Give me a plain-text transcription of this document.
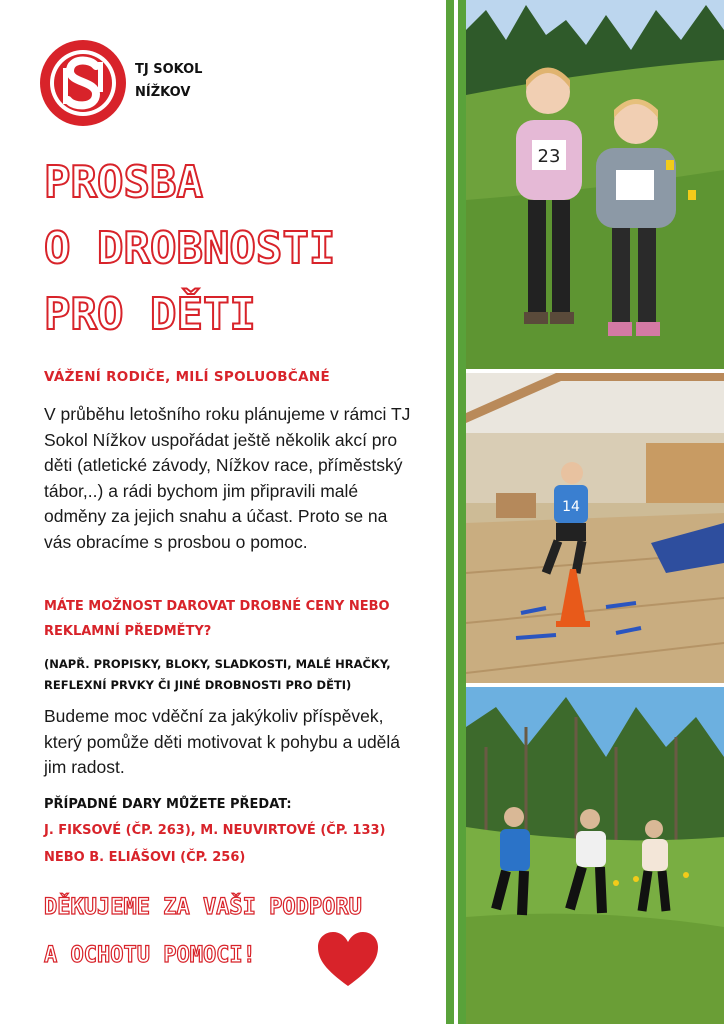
TJ SOKOL
NÍŽKOV
PROSBA
O DROBNOSTI
PRO DĚTI
VÁŽENÍ RODIČE, MILÍ SPOLUOBČANÉ
V průběhu letošního roku plánujeme v rámci TJ Sokol Nížkov uspořádat ještě několik akcí pro děti (atletické závody, Nížkov race, příměstský tábor,..) a rádi bychom jim připravili malé odměny za jejich snahu a účast. Proto se na vás obracíme s prosbou o pomoc.
MÁTE MOŽNOST DAROVAT DROBNÉ CENY NEBO REKLAMNÍ PŘEDMĚTY?
(NAPŘ. PROPISKY, BLOKY, SLADKOSTI, MALÉ HRAČKY, REFLEXNÍ PRVKY ČI JINÉ DROBNOSTI PRO DĚTI)
Budeme moc vděční za jakýkoliv příspěvek, který pomůže děti motivovat k pohybu a udělá jim radost.
PŘÍPADNÉ DARY MŮŽETE PŘEDAT:
J. FIKSOVÉ (ČP. 263), M. NEUVIRTOVÉ (ČP. 133)
NEBO B. ELIÁŠOVI (ČP. 256)
DĚKUJEME ZA VAŠI PODPORU
A OCHOTU POMOCI!
23
14
